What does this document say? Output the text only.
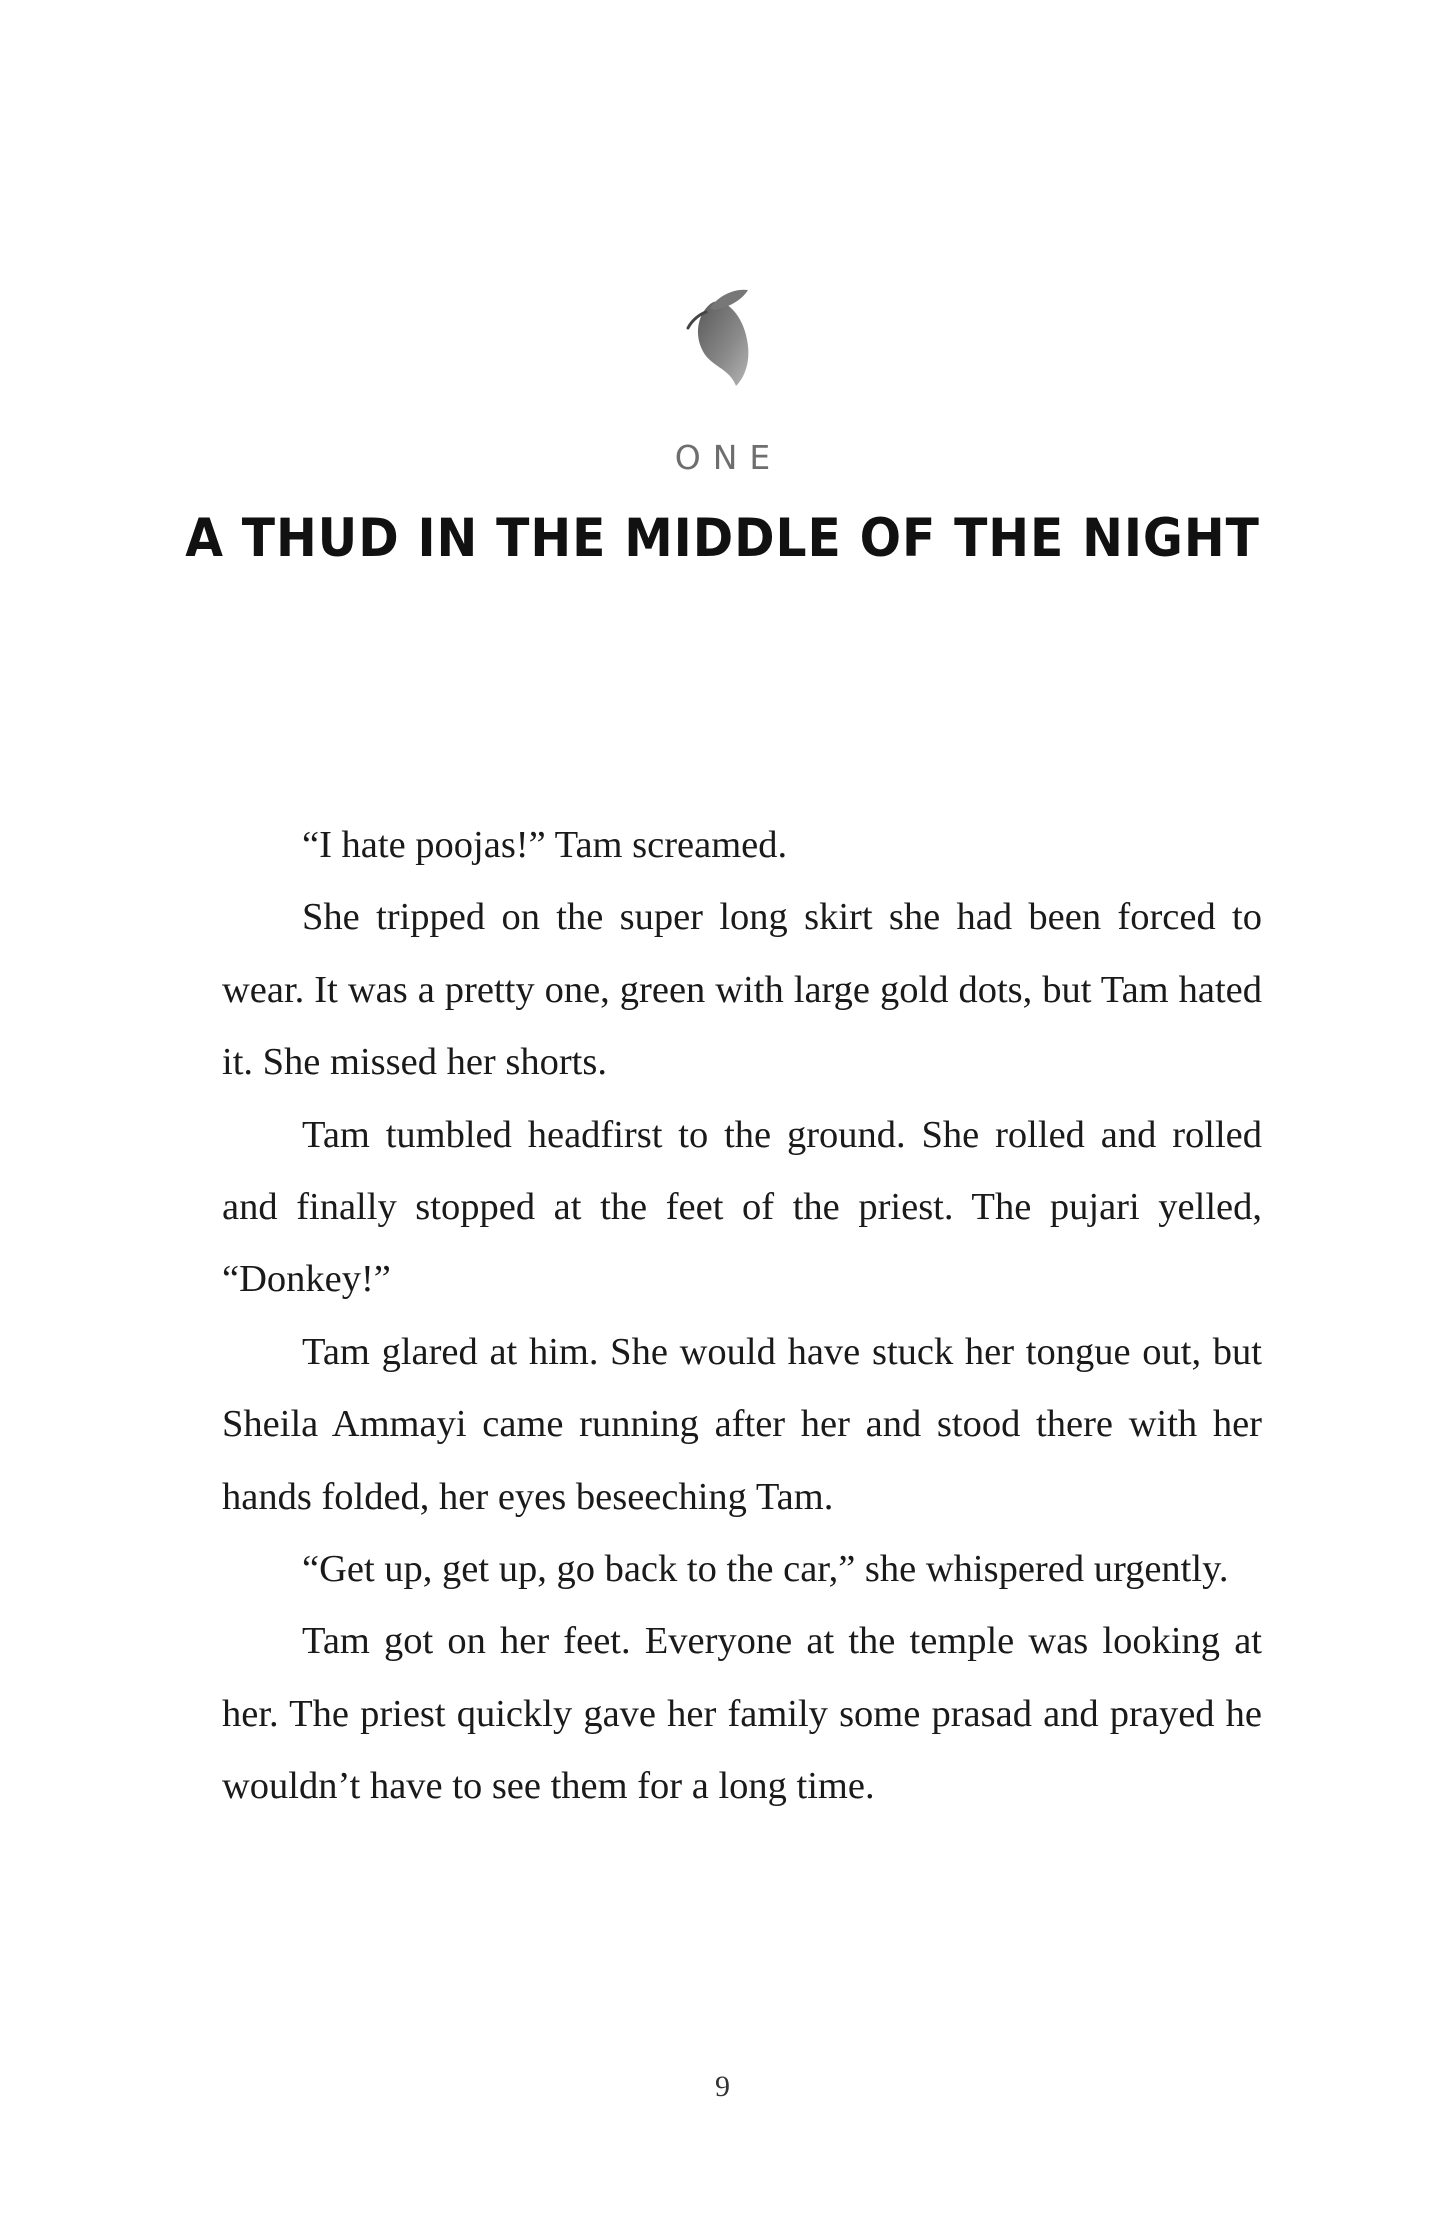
ONE
A THUD IN THE MIDDLE OF THE NIGHT

“I hate poojas!” Tam screamed.

She tripped on the super long skirt she had been forced to wear. It was a pretty one, green with large gold dots, but Tam hated it. She missed her shorts.

Tam tumbled headfirst to the ground. She rolled and rolled and finally stopped at the feet of the priest. The pujari yelled, “Donkey!”

Tam glared at him. She would have stuck her tongue out, but Sheila Ammayi came running after her and stood there with her hands folded, her eyes beseeching Tam.

“Get up, get up, go back to the car,” she whispered urgently.

Tam got on her feet. Everyone at the temple was looking at her. The priest quickly gave her family some prasad and prayed he wouldn’t have to see them for a long time.

9
